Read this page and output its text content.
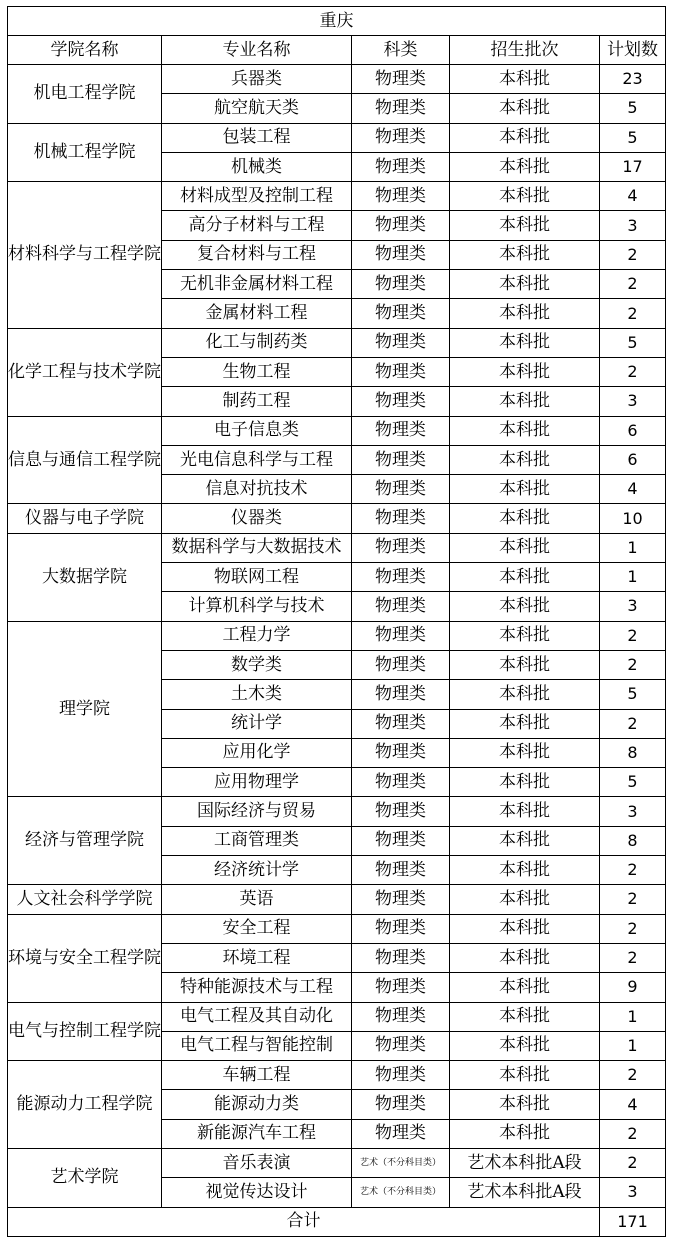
重庆				
学院名称	专业名称	科类	招生批次	计划数
机电工程学院	兵器类	物理类	本科批	23
	航空航天类	物理类	本科批	5
机械工程学院	包装工程	物理类	本科批	5
	机械类	物理类	本科批	17
材料科学与工程学院	材料成型及控制工程	物理类	本科批	4
	高分子材料与工程	物理类	本科批	3
	复合材料与工程	物理类	本科批	2
	无机非金属材料工程	物理类	本科批	2
	金属材料工程	物理类	本科批	2
化学工程与技术学院	化工与制药类	物理类	本科批	5
	生物工程	物理类	本科批	2
	制药工程	物理类	本科批	3
信息与通信工程学院	电子信息类	物理类	本科批	6
	光电信息科学与工程	物理类	本科批	6
	信息对抗技术	物理类	本科批	4
仪器与电子学院	仪器类	物理类	本科批	10
大数据学院	数据科学与大数据技术	物理类	本科批	1
	物联网工程	物理类	本科批	1
	计算机科学与技术	物理类	本科批	3
理学院	工程力学	物理类	本科批	2
	数学类	物理类	本科批	2
	土木类	物理类	本科批	5
	统计学	物理类	本科批	2
	应用化学	物理类	本科批	8
	应用物理学	物理类	本科批	5
经济与管理学院	国际经济与贸易	物理类	本科批	3
	工商管理类	物理类	本科批	8
	经济统计学	物理类	本科批	2
人文社会科学学院	英语	物理类	本科批	2
环境与安全工程学院	安全工程	物理类	本科批	2
	环境工程	物理类	本科批	2
	特种能源技术与工程	物理类	本科批	9
电气与控制工程学院	电气工程及其自动化	物理类	本科批	1
	电气工程与智能控制	物理类	本科批	1
能源动力工程学院	车辆工程	物理类	本科批	2
	能源动力类	物理类	本科批	4
	新能源汽车工程	物理类	本科批	2
艺术学院	音乐表演	艺术（不分科目类）	艺术本科批A段	2
	视觉传达设计	艺术（不分科目类）	艺术本科批A段	3
合计				171
